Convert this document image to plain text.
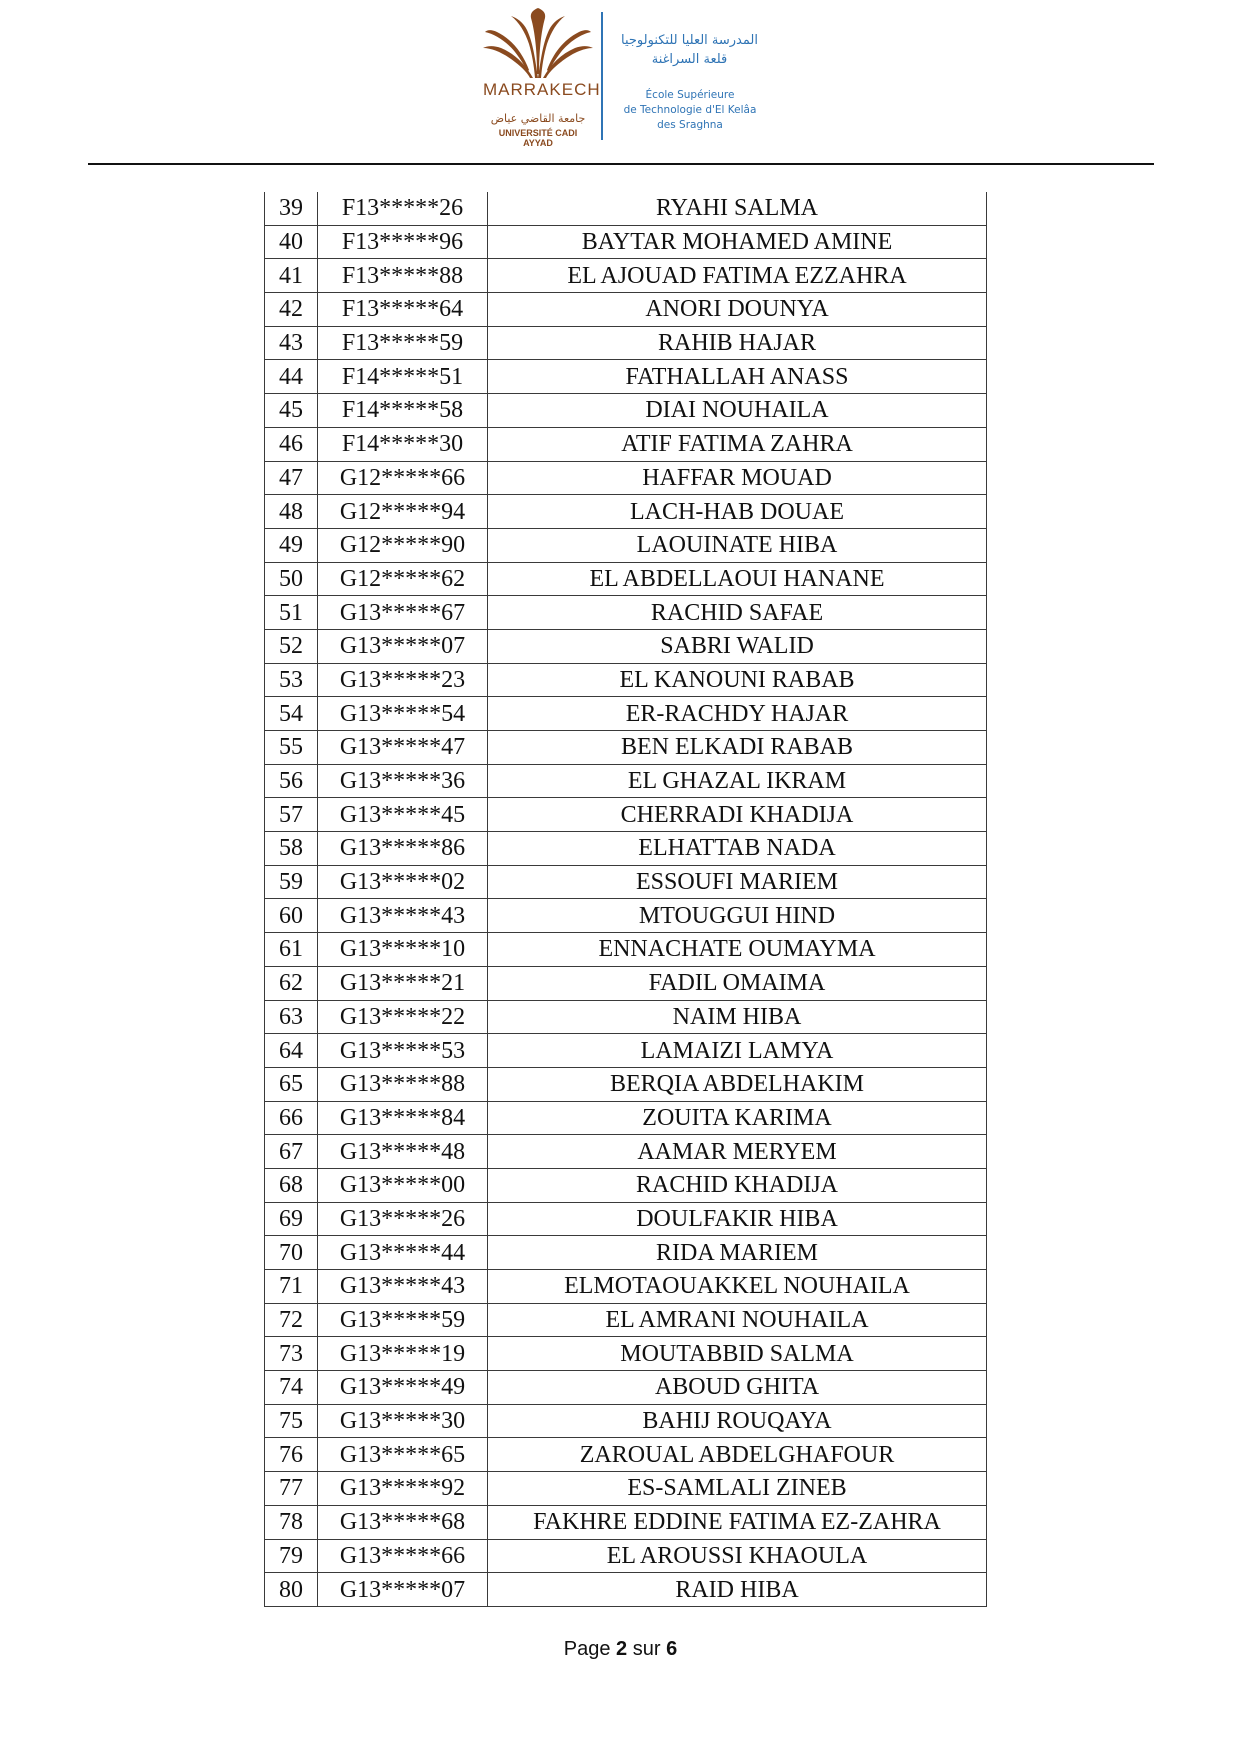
MARRAKECH
جامعة القاضي عياض
UNIVERSITÉ CADI AYYAD
المدرسة العليا للتكنولوجيا
قلعة السراغنة
École Supérieure
de Technologie d'El Kelâa
des Sraghna
39	F13*****26	RYAHI SALMA
40	F13*****96	BAYTAR MOHAMED AMINE
41	F13*****88	EL AJOUAD FATIMA EZZAHRA
42	F13*****64	ANORI DOUNYA
43	F13*****59	RAHIB HAJAR
44	F14*****51	FATHALLAH ANASS
45	F14*****58	DIAI NOUHAILA
46	F14*****30	ATIF FATIMA ZAHRA
47	G12*****66	HAFFAR MOUAD
48	G12*****94	LACH-HAB DOUAE
49	G12*****90	LAOUINATE HIBA
50	G12*****62	EL ABDELLAOUI HANANE
51	G13*****67	RACHID SAFAE
52	G13*****07	SABRI WALID
53	G13*****23	EL KANOUNI RABAB
54	G13*****54	ER-RACHDY HAJAR
55	G13*****47	BEN ELKADI RABAB
56	G13*****36	EL GHAZAL IKRAM
57	G13*****45	CHERRADI KHADIJA
58	G13*****86	ELHATTAB NADA
59	G13*****02	ESSOUFI MARIEM
60	G13*****43	MTOUGGUI HIND
61	G13*****10	ENNACHATE OUMAYMA
62	G13*****21	FADIL OMAIMA
63	G13*****22	NAIM HIBA
64	G13*****53	LAMAIZI LAMYA
65	G13*****88	BERQIA ABDELHAKIM
66	G13*****84	ZOUITA KARIMA
67	G13*****48	AAMAR MERYEM
68	G13*****00	RACHID KHADIJA
69	G13*****26	DOULFAKIR HIBA
70	G13*****44	RIDA MARIEM
71	G13*****43	ELMOTAOUAKKEL NOUHAILA
72	G13*****59	EL AMRANI NOUHAILA
73	G13*****19	MOUTABBID SALMA
74	G13*****49	ABOUD GHITA
75	G13*****30	BAHIJ ROUQAYA
76	G13*****65	ZAROUAL ABDELGHAFOUR
77	G13*****92	ES-SAMLALI ZINEB
78	G13*****68	FAKHRE EDDINE FATIMA EZ-ZAHRA
79	G13*****66	EL AROUSSI KHAOULA
80	G13*****07	RAID HIBA
Page 2 sur 6
